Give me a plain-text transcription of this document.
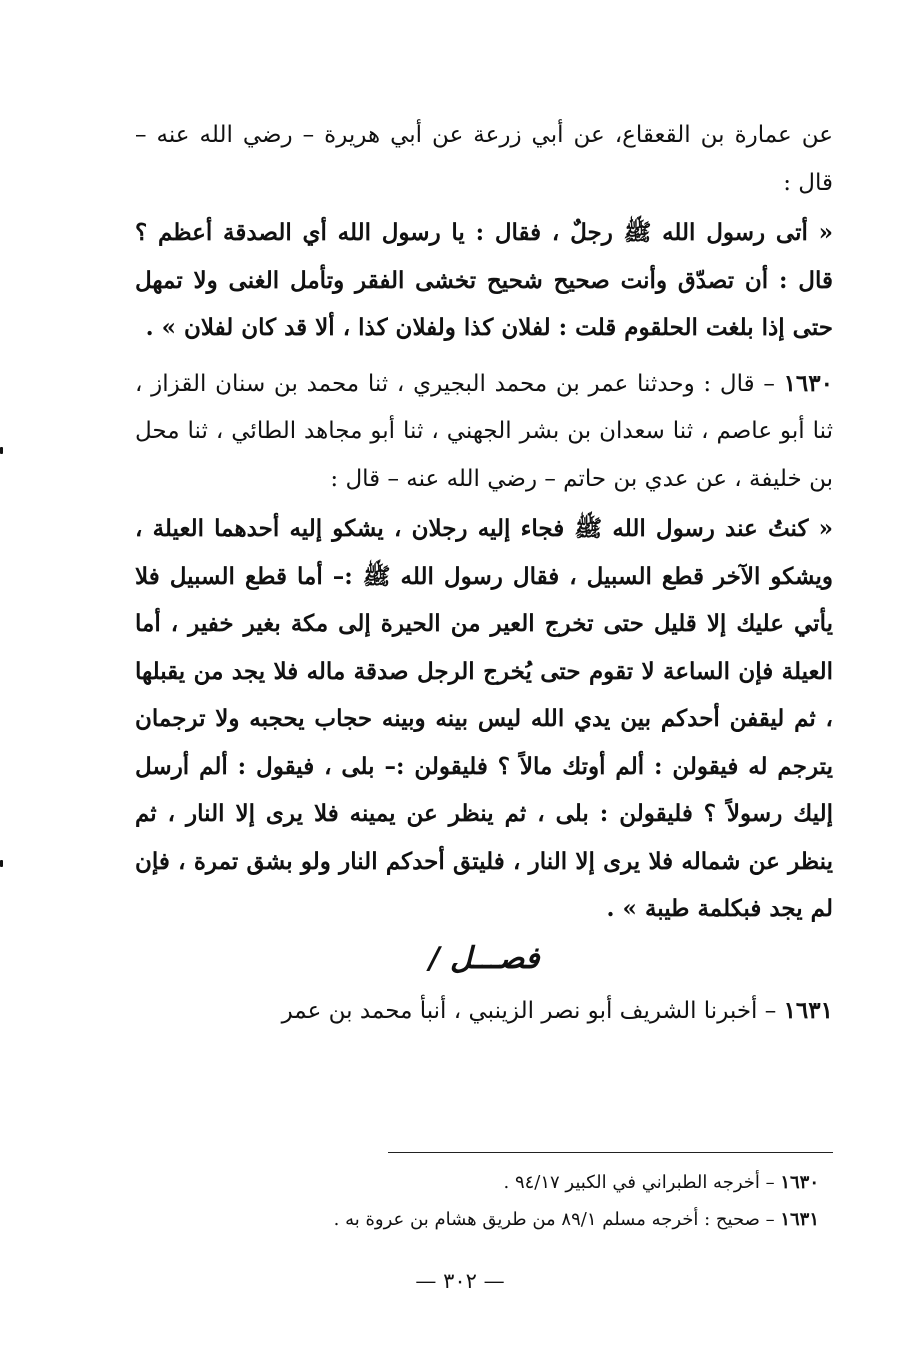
عن عمارة بن القعقاع، عن أبي زرعة عن أبي هريرة – رضي الله عنه – قال :

« أتى رسول الله ﷺ رجلٌ ، فقال : يا رسول الله أي الصدقة أعظم ؟ قال : أن تصدّق وأنت صحيح شحيح تخشى الفقر وتأمل الغنى ولا تمهل حتى إذا بلغت الحلقوم قلت : لفلان كذا ولفلان كذا ، ألا قد كان لفلان » .

١٦٣٠ – قال : وحدثنا عمر بن محمد البجيري ، ثنا محمد بن سنان القزاز ، ثنا أبو عاصم ، ثنا سعدان بن بشر الجهني ، ثنا أبو مجاهد الطائي ، ثنا محل بن خليفة ، عن عدي بن حاتم – رضي الله عنه – قال :

« كنتُ عند رسول الله ﷺ فجاء إليه رجلان ، يشكو إليه أحدهما العيلة ، ويشكو الآخر قطع السبيل ، فقال رسول الله ﷺ :– أما قطع السبيل فلا يأتي عليك إلا قليل حتى تخرج العير من الحيرة إلى مكة بغير خفير ، أما العيلة فإن الساعة لا تقوم حتى يُخرج الرجل صدقة ماله فلا يجد من يقبلها ، ثم ليقفن أحدكم بين يدي الله ليس بينه وبينه حجاب يحجبه ولا ترجمان يترجم له فيقولن : ألم أوتك مالاً ؟ فليقولن :– بلى ، فيقول : ألم أرسل إليك رسولاً ؟ فليقولن : بلى ، ثم ينظر عن يمينه فلا يرى إلا النار ، ثم ينظر عن شماله فلا يرى إلا النار ، فليتق أحدكم النار ولو بشق تمرة ، فإن لم يجد فبكلمة طيبة » .

فصـــل /

١٦٣١ – أخبرنا الشريف أبو نصر الزينبي ، أنبأ محمد بن عمر

١٦٣٠ – أخرجه الطبراني في الكبير ٩٤/١٧ .

١٦٣١ – صحيح : أخرجه مسلم ٨٩/١ من طريق هشام بن عروة به .

— ٣٠٢ —
